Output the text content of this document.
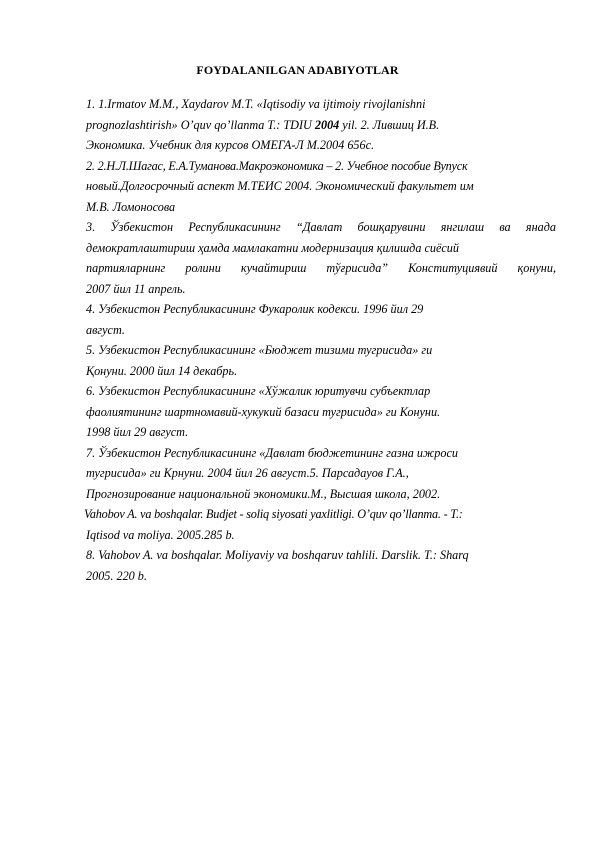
FOYDALANILGAN ADABIYOTLAR
1. 1.Irmatov M.M., Xaydarov M.T. «Iqtisodiy va ijtimoiy rivojlanishni
prognozlashtirish» O’quv qo’llanma T.: TDIU 2004 yil. 2. Лившиц И.В.
Экономика. Учебник для курсов ОМЕГА-Л М.2004 656с.
2. 2.Н.Л.Шагас, Е.А.Туманова.Макроэкономика – 2. Учебное пособие Вупуск
новый.Долгосрочный аспект М.ТЕИС 2004. Экономический факультет им
М.В. Ломоносова
3. Ўзбекистон Республикасининг “Давлат бошқарувини янгилаш ва янада
демократлаштириш ҳамда мамлакатни модернизация қилишда сиёсий
партияларнинг ролини кучайтириш тўғрисида” Конституциявий қонуни,
2007 йил 11 апрель.
4. Узбекистон Республикасининг Фукаролик кодекси. 1996 йил 29
август.
5. Узбекистон Республикасининг «Бюджет тизими тугрисида» ги
Қонуни. 2000 йил 14 декабрь.
6. Узбекистон Республикасининг «Хўжалик юритувчи субъектлар
фаолиятининг шартномавий-хукукий базаси тугрисида» ги Конуни.
1998 йил 29 август.
7. Ўзбекистон Республикасининг «Давлат бюджетининг газна ижроси
тугрисида» ги Крнуни. 2004 йил 26 август.5. Парсадаyов Г.А.,
Прогнозирование национальной экономики.М., Высшая школа, 2002.
Vahobov A. va boshqalar. Budjet - soliq siyosati yaxlitligi. O’quv qo’llanma. - T.:
Iqtisod va moliya. 2005.285 b.
8. Vahobov A. va boshqalar. Moliyaviy va boshqaruv tahlili. Darslik. T.: Sharq
2005. 220 b.
